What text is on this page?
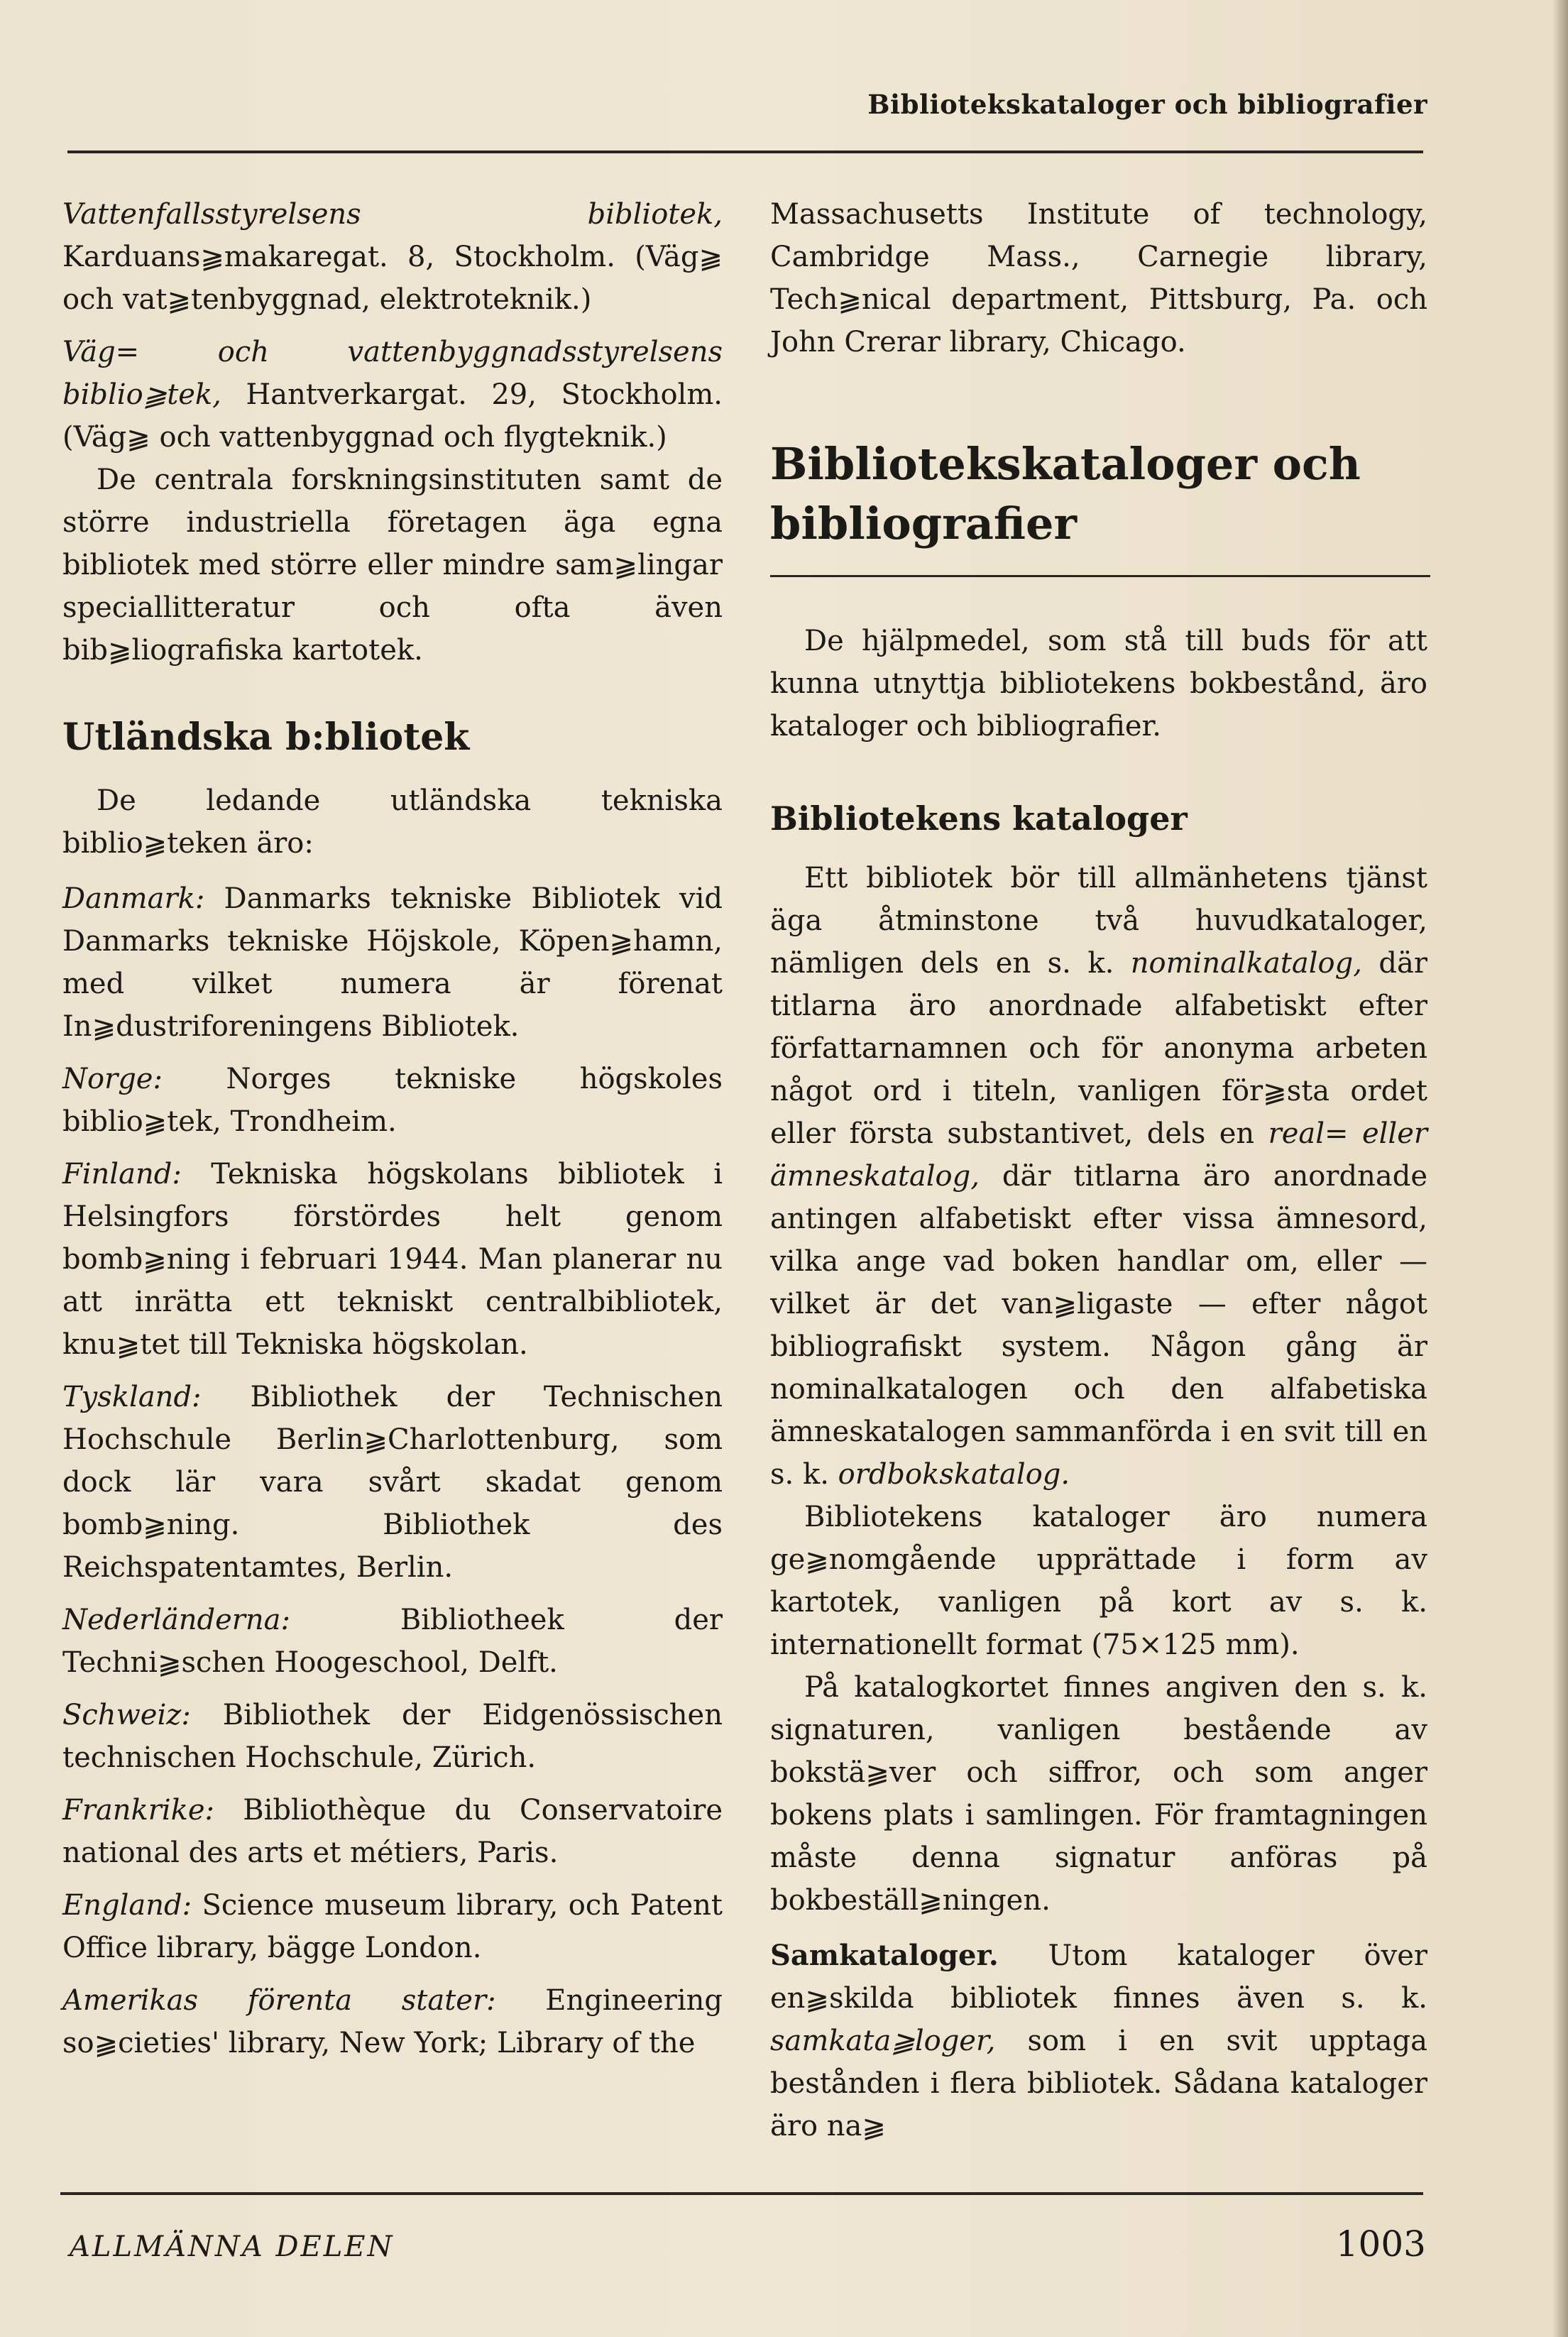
Bibliotekskataloger och bibliografier

Vattenfallsstyrelsens bibliotek, Karduans⫺makaregat. 8, Stockholm. (Väg⫺ och vat⫺tenbyggnad, elektroteknik.)

Väg= och vattenbyggnadsstyrelsens biblio⫺tek, Hantverkargat. 29, Stockholm. (Väg⫺ och vattenbyggnad och flygteknik.)

De centrala forskningsinstituten samt de större industriella företagen äga egna bibliotek med större eller mindre sam⫺lingar speciallitteratur och ofta även bib⫺liografiska kartotek.

Utländska b:bliotek

De ledande utländska tekniska biblio⫺teken äro:

Danmark: Danmarks tekniske Bibliotek vid Danmarks tekniske Höjskole, Köpen⫺hamn, med vilket numera är förenat In⫺dustriforeningens Bibliotek.

Norge: Norges tekniske högskoles biblio⫺tek, Trondheim.

Finland: Tekniska högskolans bibliotek i Helsingfors förstördes helt genom bomb⫺ning i februari 1944. Man planerar nu att inrätta ett tekniskt centralbibliotek, knu⫺tet till Tekniska högskolan.

Tyskland: Bibliothek der Technischen Hochschule Berlin⫺Charlottenburg, som dock lär vara svårt skadat genom bomb⫺ning. Bibliothek des Reichspatentamtes, Berlin.

Nederländerna: Bibliotheek der Techni⫺schen Hoogeschool, Delft.

Schweiz: Bibliothek der Eidgenössischen technischen Hochschule, Zürich.

Frankrike: Bibliothèque du Conservatoire national des arts et métiers, Paris.

England: Science museum library, och Patent Office library, bägge London.

Amerikas förenta stater: Engineering so⫺cieties' library, New York; Library of the

Massachusetts Institute of technology, Cambridge Mass., Carnegie library, Tech⫺nical department, Pittsburg, Pa. och John Crerar library, Chicago.

Bibliotekskataloger och bibliografier

De hjälpmedel, som stå till buds för att kunna utnyttja bibliotekens bokbestånd, äro kataloger och bibliografier.

Bibliotekens kataloger

Ett bibliotek bör till allmänhetens tjänst äga åtminstone två huvudkataloger, nämligen dels en s. k. nominalkatalog, där titlarna äro anordnade alfabetiskt efter författarnamnen och för anonyma arbeten något ord i titeln, vanligen för⫺sta ordet eller första substantivet, dels en real= eller ämneskatalog, där titlarna äro anordnade antingen alfabetiskt efter vissa ämnesord, vilka ange vad boken handlar om, eller — vilket är det van⫺ligaste — efter något bibliografiskt system. Någon gång är nominalkatalogen och den alfabetiska ämneskatalogen sammanförda i en svit till en s. k. ordbokskatalog.

Bibliotekens kataloger äro numera ge⫺nomgående upprättade i form av kartotek, vanligen på kort av s. k. internationellt format (75×125 mm).

På katalogkortet finnes angiven den s. k. signaturen, vanligen bestående av bokstä⫺ver och siffror, och som anger bokens plats i samlingen. För framtagningen måste denna signatur anföras på bokbeställ⫺ningen.

Samkataloger. Utom kataloger över en⫺skilda bibliotek finnes även s. k. samkata⫺loger, som i en svit upptaga bestånden i flera bibliotek. Sådana kataloger äro na⫺

ALLMÄNNA DELEN	1003
